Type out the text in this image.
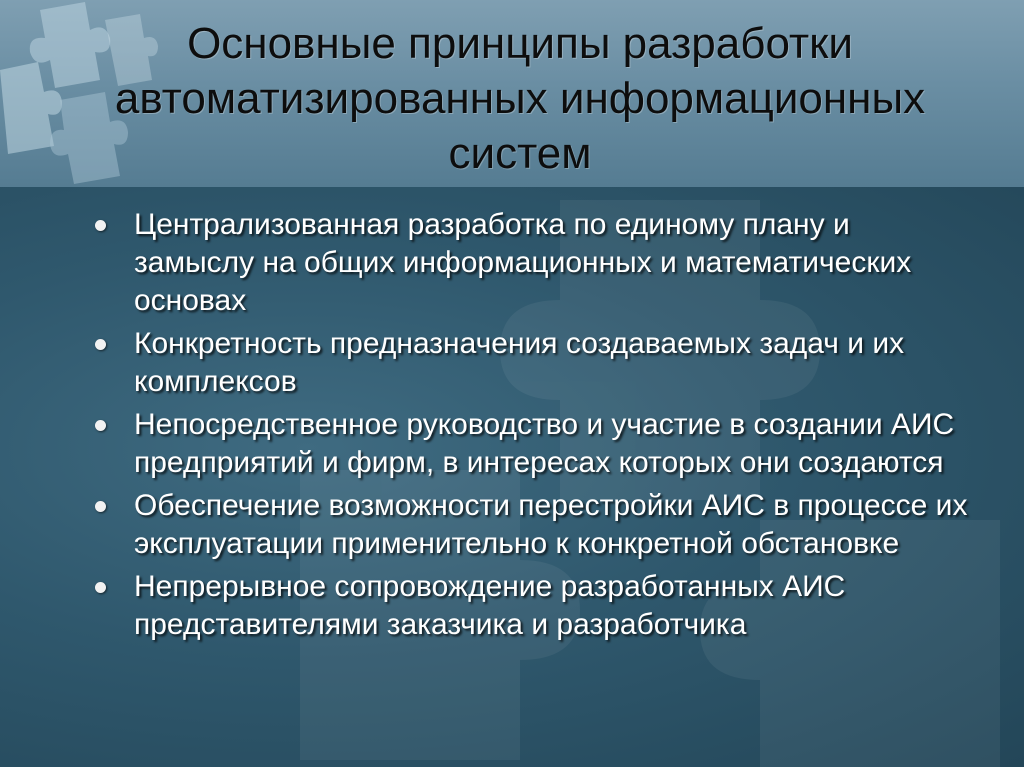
Основные принципы разработки автоматизированных информационных систем
Централизованная разработка по единому плану и замыслу на общих информационных и математических основах
Конкретность предназначения создаваемых задач и их комплексов
Непосредственное руководство и участие в создании АИС предприятий и фирм, в интересах которых они создаются
Обеспечение возможности перестройки АИС в процессе их эксплуатации применительно к конкретной обстановке
Непрерывное сопровождение разработанных АИС представителями заказчика и разработчика
